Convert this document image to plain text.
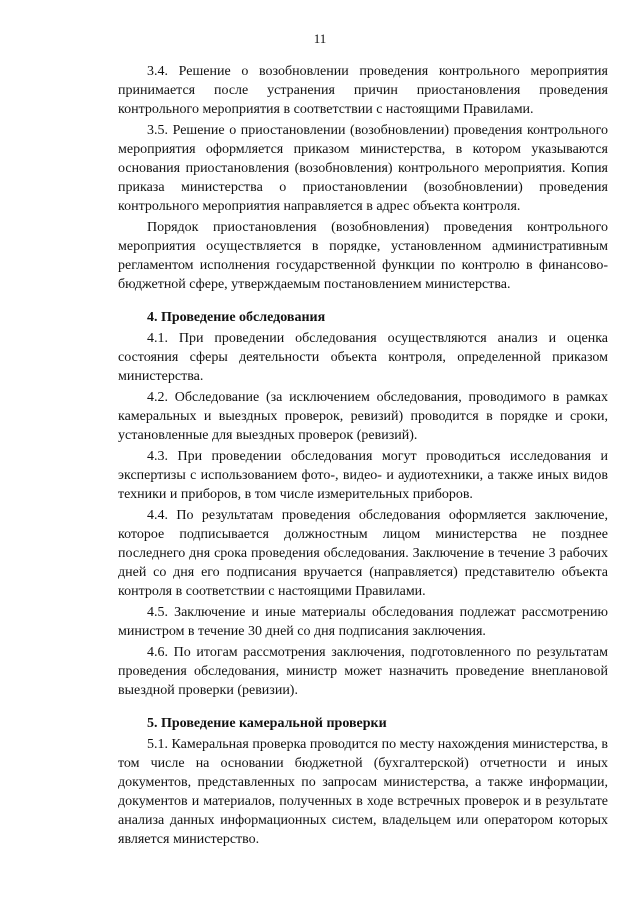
11

3.4. Решение о возобновлении проведения контрольного мероприятия принимается после устранения причин приостановления проведения контрольного мероприятия в соответствии с настоящими Правилами.

3.5. Решение о приостановлении (возобновлении) проведения контрольного мероприятия оформляется приказом министерства, в котором указываются основания приостановления (возобновления) контрольного мероприятия. Копия приказа министерства о приостановлении (возобновлении) проведения контрольного мероприятия направляется в адрес объекта контроля.

Порядок приостановления (возобновления) проведения контрольного мероприятия осуществляется в порядке, установленном административным регламентом исполнения государственной функции по контролю в финансово-бюджетной сфере, утверждаемым постановлением министерства.

4. Проведение обследования

4.1. При проведении обследования осуществляются анализ и оценка состояния сферы деятельности объекта контроля, определенной приказом министерства.

4.2. Обследование (за исключением обследования, проводимого в рамках камеральных и выездных проверок, ревизий) проводится в порядке и сроки, установленные для выездных проверок (ревизий).

4.3. При проведении обследования могут проводиться исследования и экспертизы с использованием фото-, видео- и аудиотехники, а также иных видов техники и приборов, в том числе измерительных приборов.

4.4. По результатам проведения обследования оформляется заключение, которое подписывается должностным лицом министерства не позднее последнего дня срока проведения обследования. Заключение в течение 3 рабочих дней со дня его подписания вручается (направляется) представителю объекта контроля в соответствии с настоящими Правилами.

4.5. Заключение и иные материалы обследования подлежат рассмотрению министром в течение 30 дней со дня подписания заключения.

4.6. По итогам рассмотрения заключения, подготовленного по результатам проведения обследования, министр может назначить проведение внеплановой выездной проверки (ревизии).

5. Проведение камеральной проверки

5.1. Камеральная проверка проводится по месту нахождения министерства, в том числе на основании бюджетной (бухгалтерской) отчетности и иных документов, представленных по запросам министерства, а также информации, документов и материалов, полученных в ходе встречных проверок и в результате анализа данных информационных систем, владельцем или оператором которых является министерство.
